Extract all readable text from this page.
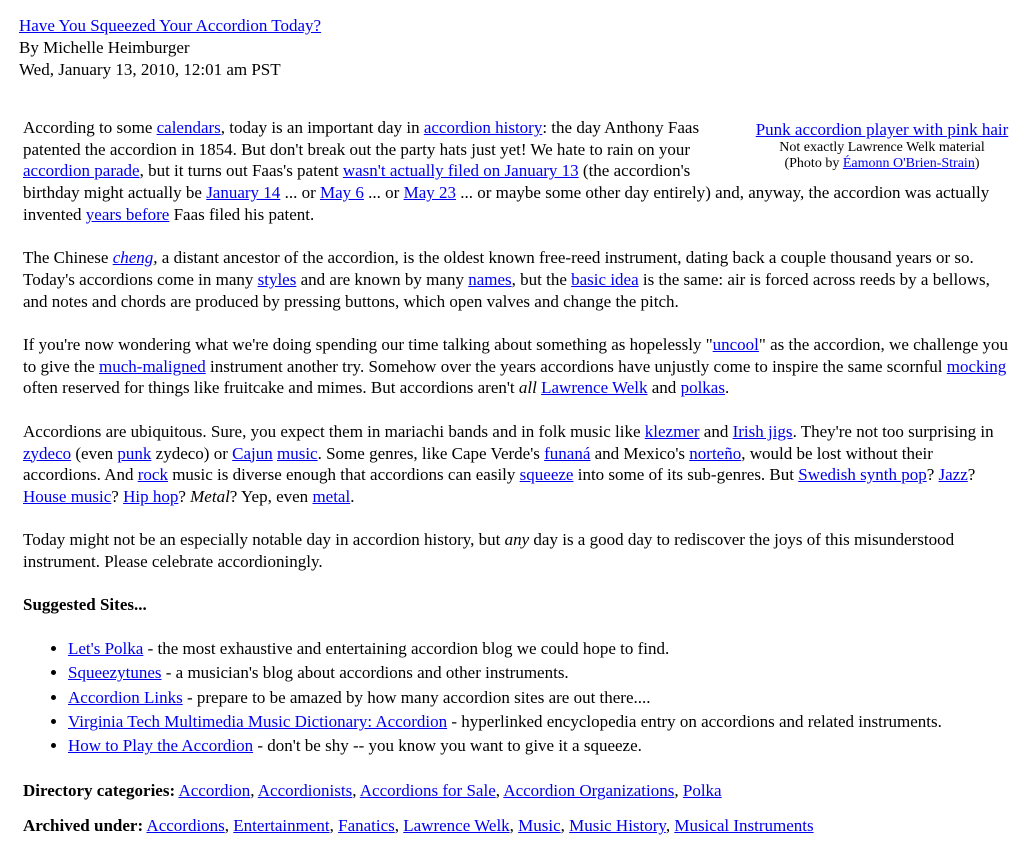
Have You Squeezed Your Accordion Today?
By Michelle Heimburger
Wed, January 13, 2010, 12:01 am PST
Punk accordion player with pink hair
Not exactly Lawrence Welk material
(Photo by Éamonn O'Brien-Strain)

According to some calendars, today is an important day in accordion history: the day Anthony Faas patented the accordion in 1854. But don't break out the party hats just yet! We hate to rain on your accordion parade, but it turns out Faas's patent wasn't actually filed on January 13 (the accordion's birthday might actually be January 14 ... or May 6 ... or May 23 ... or maybe some other day entirely) and, anyway, the accordion was actually invented years before Faas filed his patent.

The Chinese cheng, a distant ancestor of the accordion, is the oldest known free-reed instrument, dating back a couple thousand years or so. Today's accordions come in many styles and are known by many names, but the basic idea is the same: air is forced across reeds by a bellows, and notes and chords are produced by pressing buttons, which open valves and change the pitch.

If you're now wondering what we're doing spending our time talking about something as hopelessly "uncool" as the accordion, we challenge you to give the much-maligned instrument another try. Somehow over the years accordions have unjustly come to inspire the same scornful mocking often reserved for things like fruitcake and mimes. But accordions aren't all Lawrence Welk and polkas.

Accordions are ubiquitous. Sure, you expect them in mariachi bands and in folk music like klezmer and Irish jigs. They're not too surprising in zydeco (even punk zydeco) or Cajun music. Some genres, like Cape Verde's funaná and Mexico's norteño, would be lost without their accordions. And rock music is diverse enough that accordions can easily squeeze into some of its sub-genres. But Swedish synth pop? Jazz? House music? Hip hop? Metal? Yep, even metal.

Today might not be an especially notable day in accordion history, but any day is a good day to rediscover the joys of this misunderstood instrument. Please celebrate accordioningly.

Suggested Sites...
• Let's Polka - the most exhaustive and entertaining accordion blog we could hope to find.
• Squeezytunes - a musician's blog about accordions and other instruments.
• Accordion Links - prepare to be amazed by how many accordion sites are out there....
• Virginia Tech Multimedia Music Dictionary: Accordion - hyperlinked encyclopedia entry on accordions and related instruments.
• How to Play the Accordion - don't be shy -- you know you want to give it a squeeze.
Directory categories: Accordion, Accordionists, Accordions for Sale, Accordion Organizations, Polka
Archived under: Accordions, Entertainment, Fanatics, Lawrence Welk, Music, Music History, Musical Instruments
